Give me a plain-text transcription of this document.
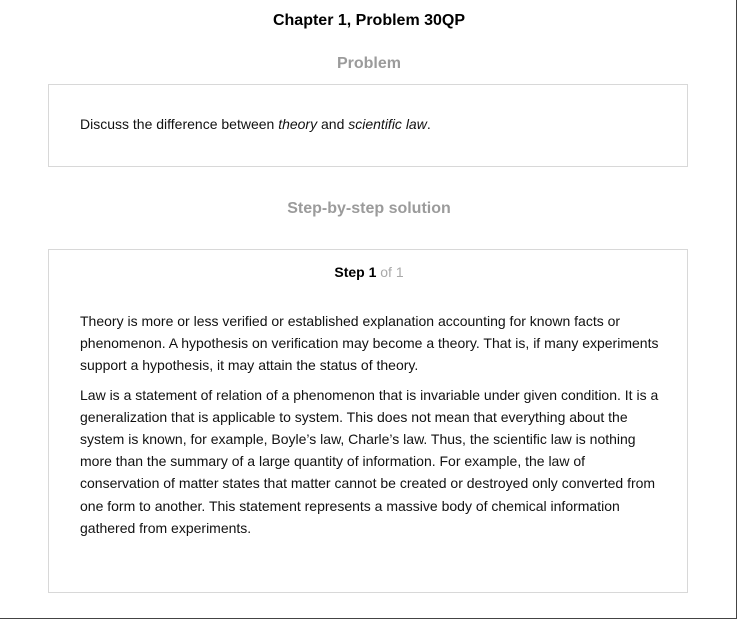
Chapter 1, Problem 30QP
Problem
Discuss the difference between theory and scientific law.
Step-by-step solution
Step 1 of 1

Theory is more or less verified or established explanation accounting for known facts or phenomenon. A hypothesis on verification may become a theory. That is, if many experiments support a hypothesis, it may attain the status of theory.

Law is a statement of relation of a phenomenon that is invariable under given condition. It is a generalization that is applicable to system. This does not mean that everything about the system is known, for example, Boyle’s law, Charle’s law. Thus, the scientific law is nothing more than the summary of a large quantity of information. For example, the law of conservation of matter states that matter cannot be created or destroyed only converted from one form to another. This statement represents a massive body of chemical information gathered from experiments.
